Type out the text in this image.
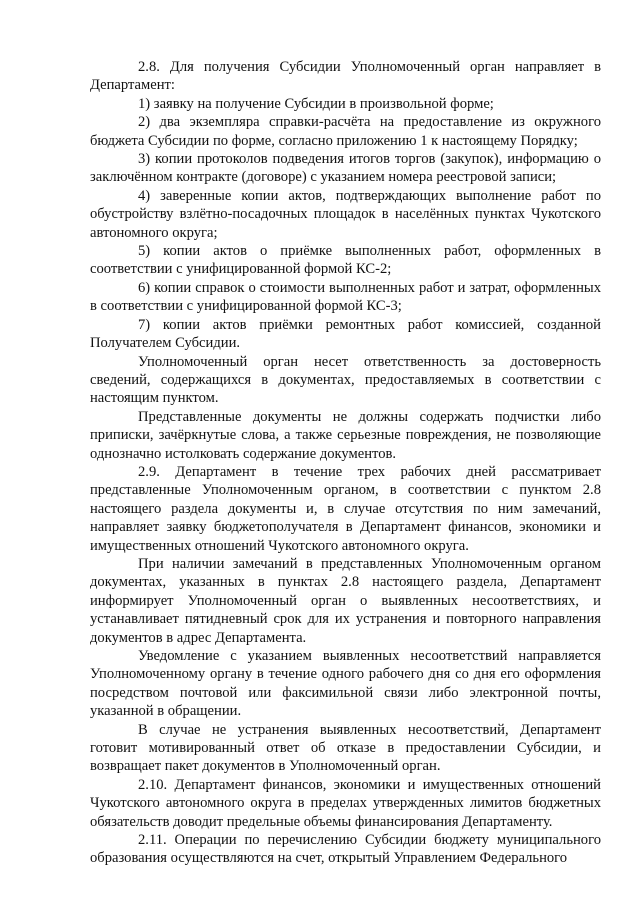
2.8. Для получения Субсидии Уполномоченный орган направляет в Департамент:

1) заявку на получение Субсидии в произвольной форме;

2) два экземпляра справки-расчёта на предоставление из окружного бюджета Субсидии по форме, согласно приложению 1 к настоящему Порядку;

3) копии протоколов подведения итогов торгов (закупок), информацию о заключённом контракте (договоре) с указанием номера реестровой записи;

4) заверенные копии актов, подтверждающих выполнение работ по обустройству взлётно-посадочных площадок в населённых пунктах Чукотского автономного округа;

5) копии актов о приёмке выполненных работ, оформленных в соответствии с унифицированной формой КС-2;

6) копии справок о стоимости выполненных работ и затрат, оформленных в соответствии с унифицированной формой КС-3;

7) копии актов приёмки ремонтных работ комиссией, созданной Получателем Субсидии.

Уполномоченный орган несет ответственность за достоверность сведений, содержащихся в документах, предоставляемых в соответствии с настоящим пунктом.

Представленные документы не должны содержать подчистки либо приписки, зачёркнутые слова, а также серьезные повреждения, не позволяющие однозначно истолковать содержание документов.

2.9. Департамент в течение трех рабочих дней рассматривает представленные Уполномоченным органом, в соответствии с пунктом 2.8 настоящего раздела документы и, в случае отсутствия по ним замечаний, направляет заявку бюджетополучателя в Департамент финансов, экономики и имущественных отношений Чукотского автономного округа.

При наличии замечаний в представленных Уполномоченным органом документах, указанных в пунктах 2.8 настоящего раздела, Департамент информирует Уполномоченный орган о выявленных несоответствиях, и устанавливает пятидневный срок для их устранения и повторного направления документов в адрес Департамента.

Уведомление с указанием выявленных несоответствий направляется Уполномоченному органу в течение одного рабочего дня со дня его оформления посредством почтовой или факсимильной связи либо электронной почты, указанной в обращении.

В случае не устранения выявленных несоответствий, Департамент готовит мотивированный ответ об отказе в предоставлении Субсидии, и возвращает пакет документов в Уполномоченный орган.

2.10. Департамент финансов, экономики и имущественных отношений Чукотского автономного округа в пределах утвержденных лимитов бюджетных обязательств доводит предельные объемы финансирования Департаменту.

2.11. Операции по перечислению Субсидии бюджету муниципального образования осуществляются на счет, открытый Управлением Федерального
